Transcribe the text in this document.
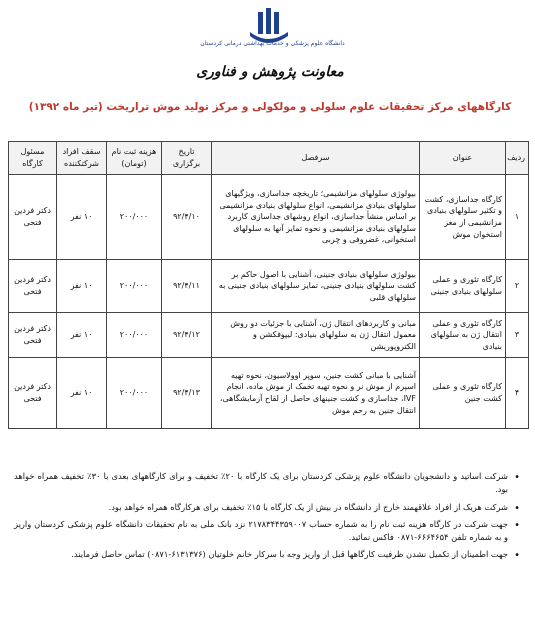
دانشگاه علوم پزشکی و خدمات بهداشتی درمانی کردستان
معاونت پژوهش و فناوری
کارگاههای مرکز تحقیقات علوم سلولی و مولکولی و مرکز تولید موش تراریخت (تیر ماه ۱۳۹۲)
ردیف	عنوان	سرفصل	تاریخ برگزاری	هزینه ثبت نام (تومان)	سقف افراد شرکتکننده	مسئول کارگاه
۱	کارگاه جداسازی، کشت و تکثیر سلولهای بنیادی مزانشیمی از مغز استخوان موش	بیولوژی سلولهای مزانشیمی؛ تاریخچه جداسازی، ویژگیهای سلولهای بنیادی مزانشیمی، انواع سلولهای بنیادی مزانشیمی بر اساس منشأ جداسازی، انواع روشهای جداسازی کاربرد سلولهای بنیادی مزانشیمی و نحوه تمایز آنها به سلولهای استخوانی، غضروفی و چربی	۹۲/۴/۱۰	۲۰۰/۰۰۰	۱۰ نفر	دکتر فردین فتحی
۲	کارگاه تئوری و عملی سلولهای بنیادی جنینی	بیولوژی سلولهای بنیادی جنینی، آشنایی با اصول حاکم بر کشت سلولهای بنیادی جنینی، تمایز سلولهای بنیادی جنینی به سلولهای قلبی	۹۲/۴/۱۱	۲۰۰/۰۰۰	۱۰ نفر	دکتر فردین فتحی
۳	کارگاه تئوری و عملی انتقال ژن به سلولهای بنیادی	مبانی و کاربردهای انتقال ژن، آشنایی با جزئیات دو روش معمول انتقال ژن به سلولهای بنیادی: لیپوفکشن و الکتروپوریشن	۹۲/۴/۱۲	۲۰۰/۰۰۰	۱۰ نفر	دکتر فردین فتحی
۴	کارگاه تئوری و عملی کشت جنین	آشنایی با مبانی کشت جنین، سوپر اوولاسیون، نحوه تهیه اسپرم از موش نر و نحوه تهیه تخمک از موش ماده، انجام IVF، جداسازی و کشت جنینهای حاصل از لقاح آزمایشگاهی، انتقال جنین به رحم موش	۹۲/۴/۱۳	۲۰۰/۰۰۰	۱۰ نفر	دکتر فردین فتحی
• شرکت اساتید و دانشجویان دانشگاه علوم پزشکی کردستان برای یک کارگاه با ۲۰٪ تخفیف و برای کارگاههای بعدی با ۳۰٪ تخفیف همراه خواهد بود.
• شرکت هریک از افراد علاقهمند خارج از دانشگاه در بیش از یک کارگاه با ۱۵٪ تخفیف برای هرکارگاه همراه خواهد بود.
• جهت شرکت در کارگاه هزینه ثبت نام را به شماره حساب ۲۱۷۸۳۴۴۳۵۹۰۰۷ نزد بانک ملی به نام تحقیقات دانشگاه علوم پزشکی کردستان واریز و به شماره تلفن ۶۶۶۴۶۵۴-۰۸۷۱ فاکس نمائید.
• جهت اطمینان از تکمیل نشدن ظرفیت کارگاهها قبل از واریز وجه با سرکار خانم خلوتیان (۶۱۳۱۳۷۶-۰۸۷۱) تماس حاصل فرمایند.
